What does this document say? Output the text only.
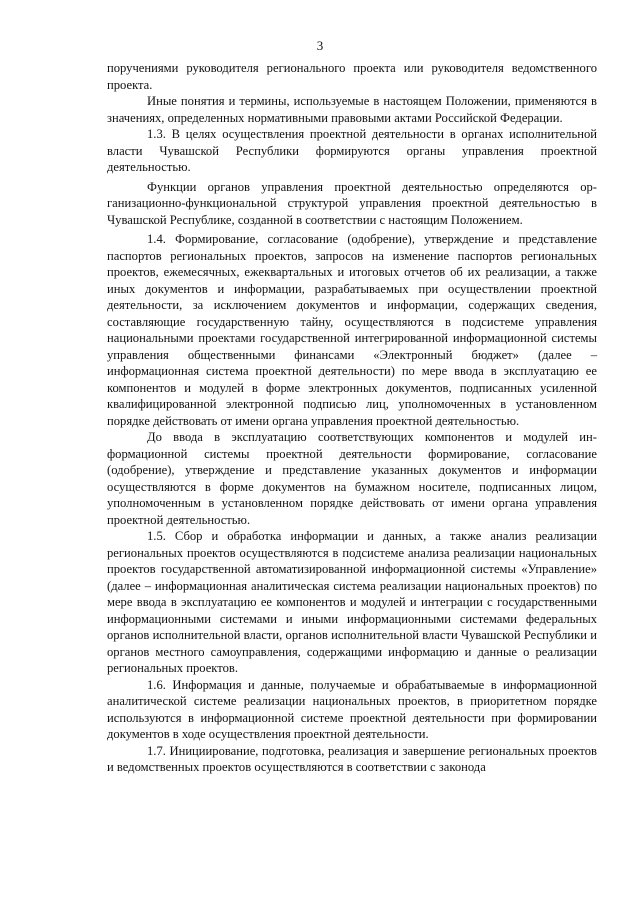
3

поручениями руководителя регионального проекта или руководителя ведомственного проекта.

Иные понятия и термины, используемые в настоящем Положении, применяются в значениях, определенных нормативными правовыми актами Российской Федерации.

1.3. В целях осуществления проектной деятельности в органах исполнительной власти Чувашской Республики формируются органы управления проектной деятельностью.

Функции органов управления проектной деятельностью определяются организационно-функциональной структурой управления проектной деятельностью в Чувашской Республике, созданной в соответствии с настоящим Положением.

1.4. Формирование, согласование (одобрение), утверждение и представление паспортов региональных проектов, запросов на изменение паспортов региональных проектов, ежемесячных, ежеквартальных и итоговых отчетов об их реализации, а также иных документов и информации, разрабатываемых при осуществлении проектной деятельности, за исключением документов и информации, содержащих сведения, составляющие государственную тайну, осуществляются в подсистеме управления национальными проектами государственной интегрированной информационной системы управления общественными финансами «Электронный бюджет» (далее – информационная система проектной деятельности) по мере ввода в эксплуатацию ее компонентов и модулей в форме электронных документов, подписанных усиленной квалифицированной электронной подписью лиц, уполномоченных в установленном порядке действовать от имени органа управления проектной деятельностью.

До ввода в эксплуатацию соответствующих компонентов и модулей информационной системы проектной деятельности формирование, согласование (одобрение), утверждение и представление указанных документов и информации осуществляются в форме документов на бумажном носителе, подписанных лицом, уполномоченным в установленном порядке действовать от имени органа управления проектной деятельностью.

1.5. Сбор и обработка информации и данных, а также анализ реализации региональных проектов осуществляются в подсистеме анализа реализации национальных проектов государственной автоматизированной информационной системы «Управление» (далее – информационная аналитическая система реализации национальных проектов) по мере ввода в эксплуатацию ее компонентов и модулей и интеграции с государственными информационными системами и иными информационными системами федеральных органов исполнительной власти, органов исполнительной власти Чувашской Республики и органов местного самоуправления, содержащими информацию и данные о реализации региональных проектов.

1.6. Информация и данные, получаемые и обрабатываемые в информационной аналитической системе реализации национальных проектов, в приоритетном порядке используются в информационной системе проектной деятельности при формировании документов в ходе осуществления проектной деятельности.

1.7. Инициирование, подготовка, реализация и завершение региональных проектов и ведомственных проектов осуществляются в соответствии с законода
